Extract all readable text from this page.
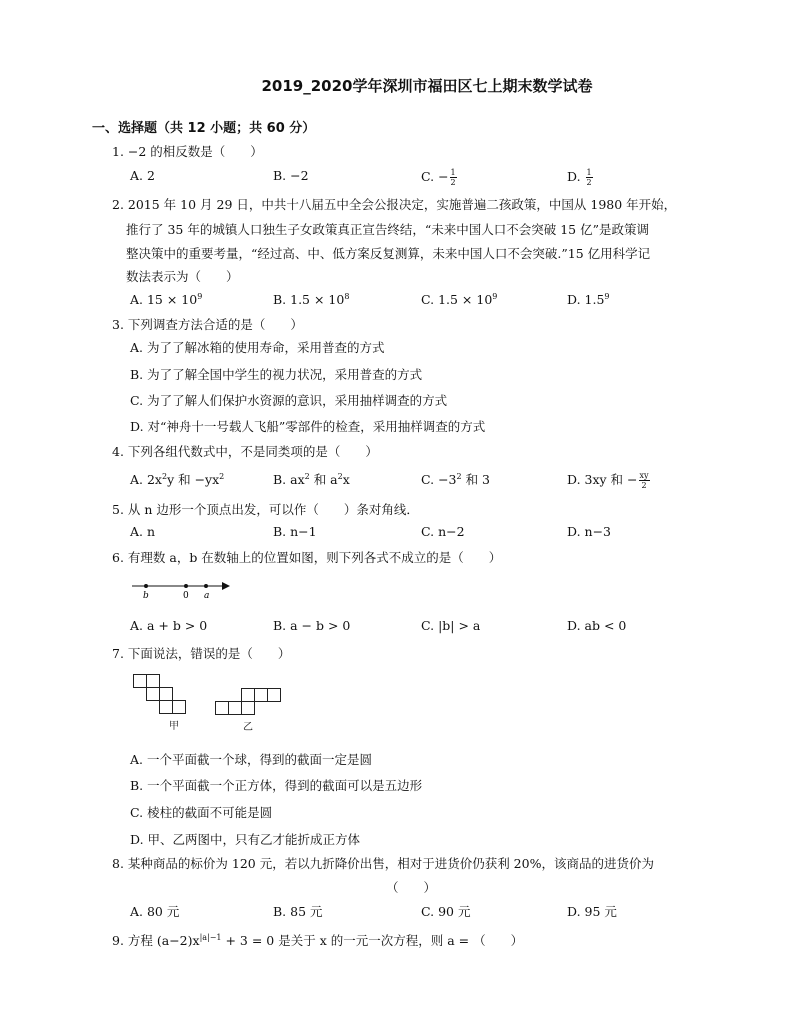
2019_2020学年深圳市福田区七上期末数学试卷
一、选择题（共 12 小题；共 60 分）
1. −2 的相反数是（　　）
A. 2	B. −2	C. − $\frac{1}{2}$	D. $\frac{1}{2}$
2. 2015 年 10 月 29 日，中共十八届五中全会公报决定，实施普遍二孩政策，中国从 1980 年开始，
推行了 35 年的城镇人口独生子女政策真正宣告终结，“未来中国人口不会突破 15 亿”是政策调
整决策中的重要考量，“经过高、中、低方案反复测算，未来中国人口不会突破.”15 亿用科学记
数法表示为（　　）
A. $15 \times 10^9$	B. $1.5 \times 10^8$	C. $1.5 \times 10^9$	D. $1.5^9$
3. 下列调查方法合适的是（　　）
A. 为了了解冰箱的使用寿命，采用普查的方式
B. 为了了解全国中学生的视力状况，采用普查的方式
C. 为了了解人们保护水资源的意识，采用抽样调查的方式
D. 对“神舟十一号载人飞船”零部件的检查，采用抽样调查的方式
4. 下列各组代数式中，不是同类项的是（　　）
A. $2x^2y$ 和 $-yx^2$	B. $ax^2$ 和 $a^2x$	C. $-3^2$ 和 3	D. 3xy 和 − $\frac{xy}{2}$
5. 从 n 边形一个顶点出发，可以作（　　）条对角线．
A. n	B. n−1	C. n−2	D. n−3
6. 有理数 a，b 在数轴上的位置如图，则下列各式不成立的是（　　）
b	0 a
A. a + b > 0	B. a − b > 0	C. |b| > a	D. ab < 0
7. 下面说法，错误的是（　　）
甲	乙
A. 一个平面截一个球，得到的截面一定是圆
B. 一个平面截一个正方体，得到的截面可以是五边形
C. 棱柱的截面不可能是圆
D. 甲、乙两图中，只有乙才能折成正方体
8. 某种商品的标价为 120 元，若以九折降价出售，相对于进货价仍获利 20%，该商品的进货价为
（　　）
A. 80 元	B. 85 元	C. 90 元	D. 95 元
9. 方程 $(a-2)x^{|a|-1} + 3 = 0$ 是关于 x 的一元一次方程，则 a = （　　）
